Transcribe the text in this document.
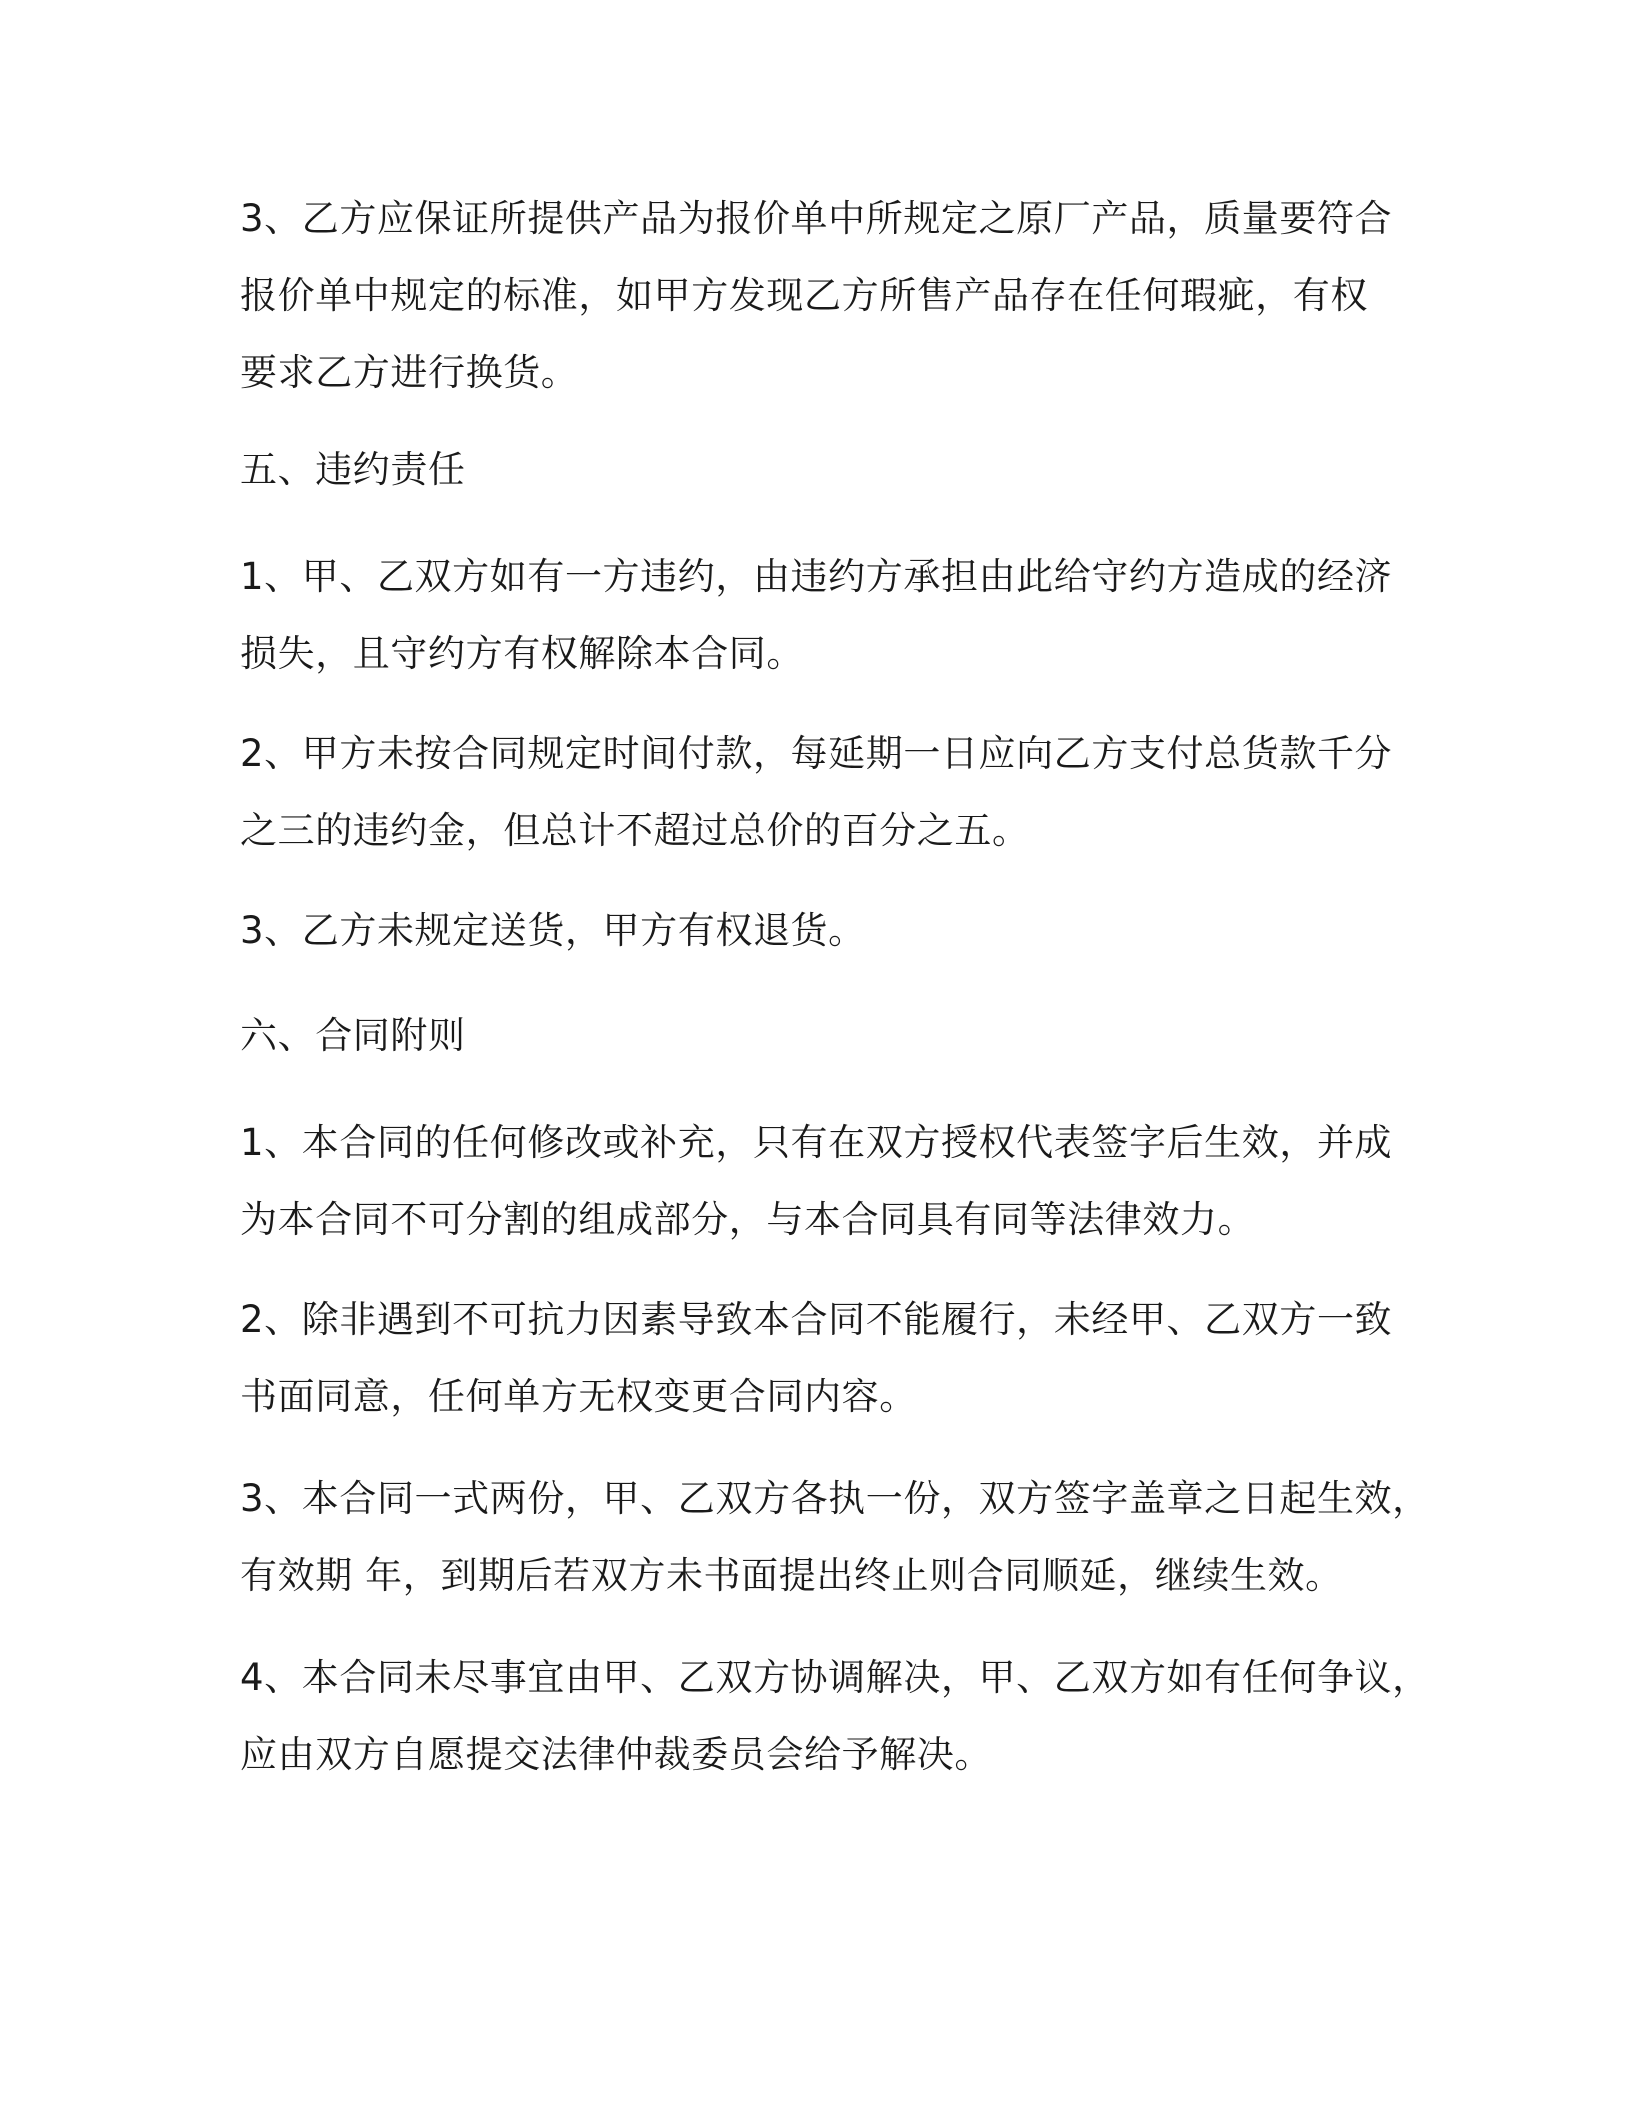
3、乙方应保证所提供产品为报价单中所规定之原厂产品，质量要符合
报价单中规定的标准，如甲方发现乙方所售产品存在任何瑕疵，有权
要求乙方进行换货。
五、违约责任
1、甲、乙双方如有一方违约，由违约方承担由此给守约方造成的经济
损失，且守约方有权解除本合同。
2、甲方未按合同规定时间付款，每延期一日应向乙方支付总货款千分
之三的违约金，但总计不超过总价的百分之五。
3、乙方未规定送货，甲方有权退货。
六、合同附则
1、本合同的任何修改或补充，只有在双方授权代表签字后生效，并成
为本合同不可分割的组成部分，与本合同具有同等法律效力。
2、除非遇到不可抗力因素导致本合同不能履行，未经甲、乙双方一致
书面同意，任何单方无权变更合同内容。
3、本合同一式两份，甲、乙双方各执一份，双方签字盖章之日起生效，
有效期 年，到期后若双方未书面提出终止则合同顺延，继续生效。
4、本合同未尽事宜由甲、乙双方协调解决，甲、乙双方如有任何争议，
应由双方自愿提交法律仲裁委员会给予解决。
